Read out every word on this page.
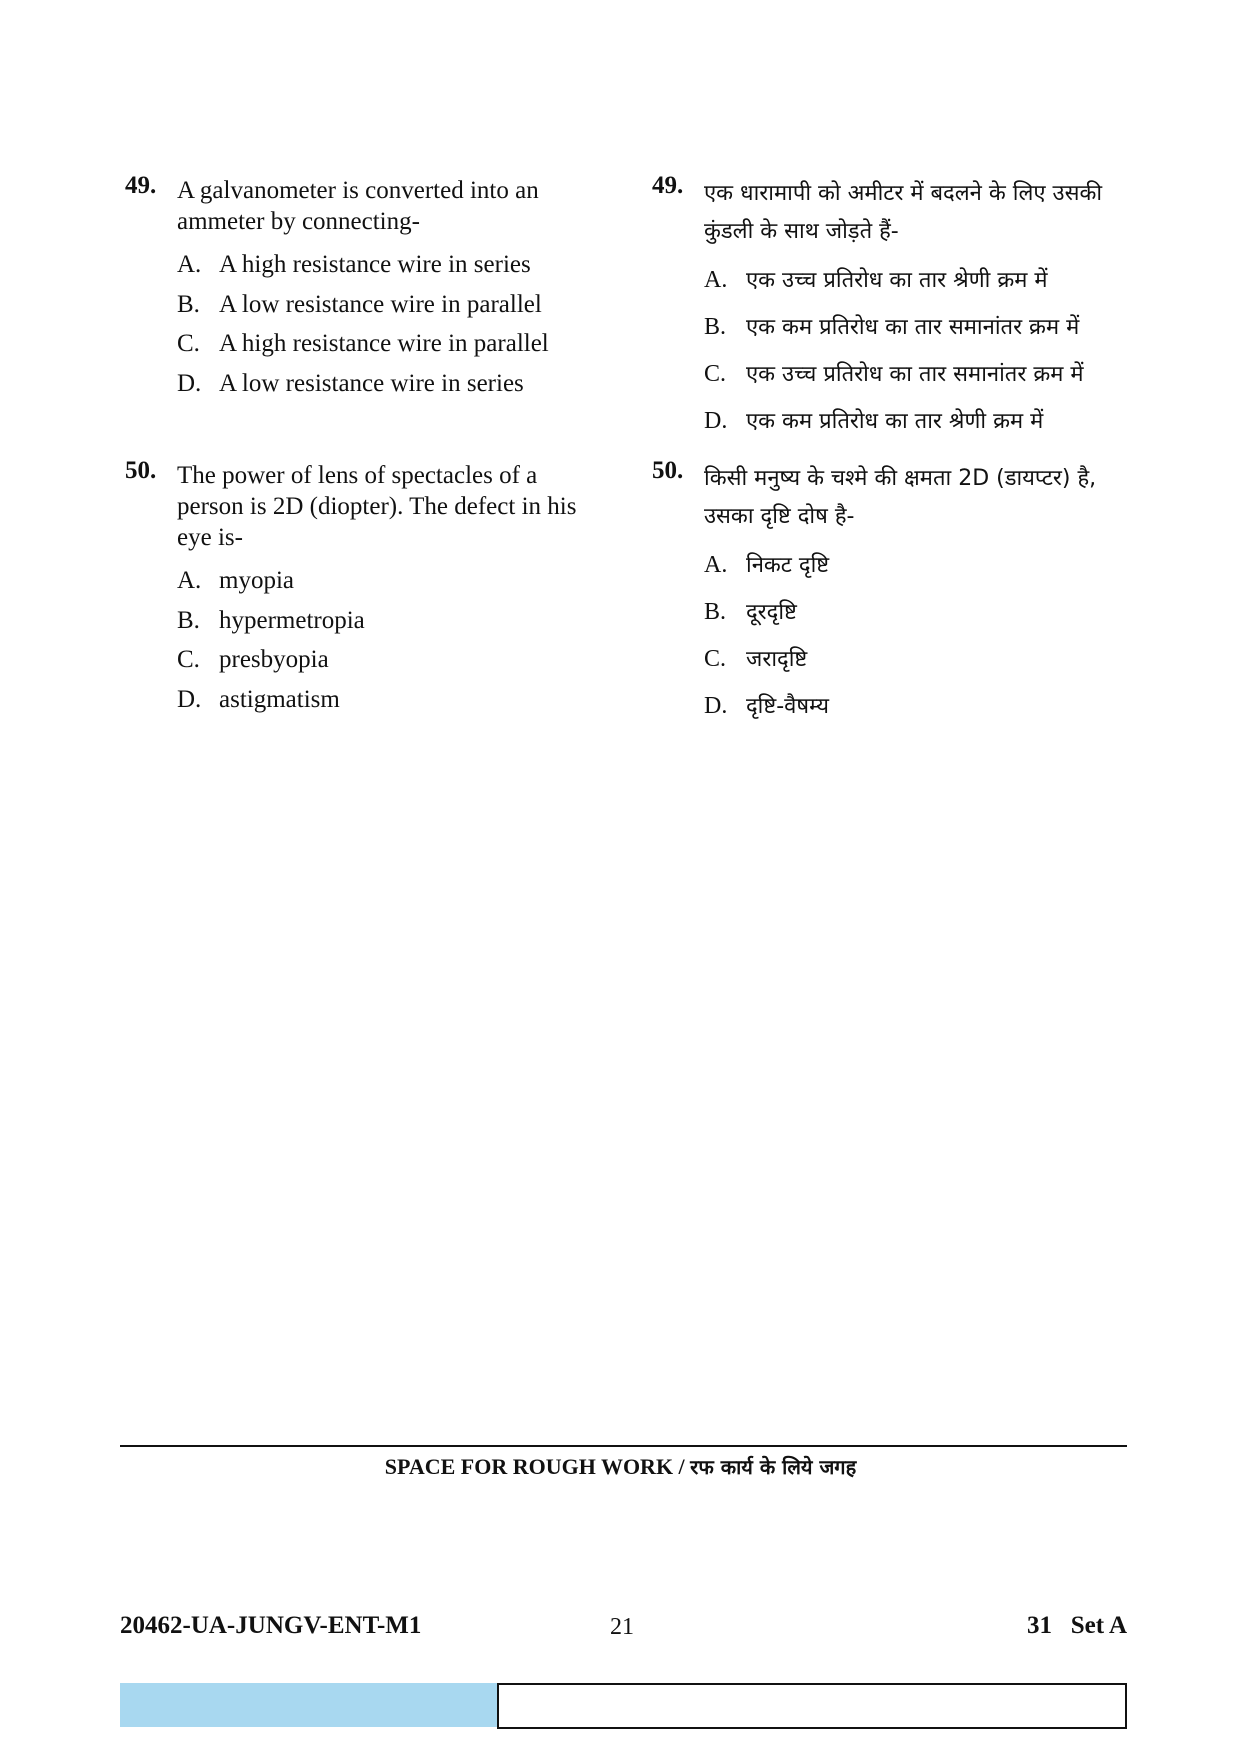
49. A galvanometer is converted into an ammeter by connecting-
A. A high resistance wire in series
B. A low resistance wire in parallel
C. A high resistance wire in parallel
D. A low resistance wire in series
50. The power of lens of spectacles of a person is 2D (diopter). The defect in his eye is-
A. myopia
B. hypermetropia
C. presbyopia
D. astigmatism
49. एक धारामापी को अमीटर में बदलने के लिए उसकी कुंडली के साथ जोड़ते हैं-
A. एक उच्च प्रतिरोध का तार श्रेणी क्रम में
B. एक कम प्रतिरोध का तार समानांतर क्रम में
C. एक उच्च प्रतिरोध का तार समानांतर क्रम में
D. एक कम प्रतिरोध का तार श्रेणी क्रम में
50. किसी मनुष्य के चश्मे की क्षमता 2D (डायप्टर) है, उसका दृष्टि दोष है-
A. निकट दृष्टि
B. दूरदृष्टि
C. जरादृष्टि
D. दृष्टि-वैषम्य
SPACE FOR ROUGH WORK / रफ कार्य के लिये जगह
20462-UA-JUNGV-ENT-M1	21	31 Set A
